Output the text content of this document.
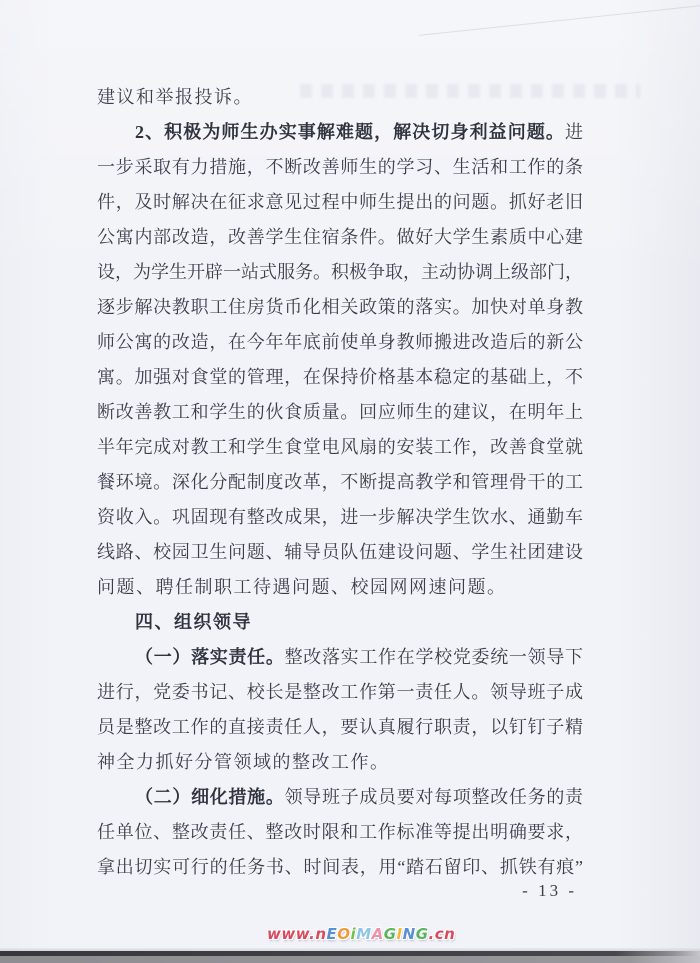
建议和举报投诉。
2、积极为师生办实事解难题，解决切身利益问题。进
一步采取有力措施，不断改善师生的学习、生活和工作的条
件，及时解决在征求意见过程中师生提出的问题。抓好老旧
公寓内部改造，改善学生住宿条件。做好大学生素质中心建
设，为学生开辟一站式服务。积极争取，主动协调上级部门，
逐步解决教职工住房货币化相关政策的落实。加快对单身教
师公寓的改造，在今年年底前使单身教师搬进改造后的新公
寓。加强对食堂的管理，在保持价格基本稳定的基础上，不
断改善教工和学生的伙食质量。回应师生的建议，在明年上
半年完成对教工和学生食堂电风扇的安装工作，改善食堂就
餐环境。深化分配制度改革，不断提高教学和管理骨干的工
资收入。巩固现有整改成果，进一步解决学生饮水、通勤车
线路、校园卫生问题、辅导员队伍建设问题、学生社团建设
问题、聘任制职工待遇问题、校园网网速问题。
四、组织领导
（一）落实责任。整改落实工作在学校党委统一领导下
进行，党委书记、校长是整改工作第一责任人。领导班子成
员是整改工作的直接责任人，要认真履行职责，以钉钉子精
神全力抓好分管领域的整改工作。
（二）细化措施。领导班子成员要对每项整改任务的责
任单位、整改责任、整改时限和工作标准等提出明确要求，
拿出切实可行的任务书、时间表，用“踏石留印、抓铁有痕”
- 13 -
www.nEOiMAGING.cn
